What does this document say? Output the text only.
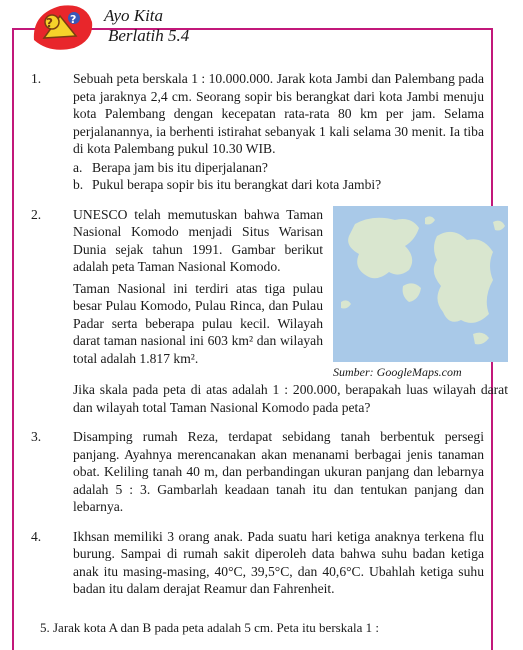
? ? Ayo Kita
Berlatih 5.4
1.	Sebuah peta berskala 1 : 10.000.000. Jarak kota Jambi dan Palembang pada peta jaraknya 2,4 cm. Seorang sopir bis berangkat dari kota Jambi menuju kota Palembang dengan kecepatan rata-rata 80 km per jam. Selama perjalanannya, ia berhenti istirahat sebanyak 1 kali selama 30 menit. Ia tiba di kota Palembang pukul 10.30 WIB.

a. Berapa jam bis itu diperjalanan?
b. Pukul berapa sopir bis itu berangkat dari kota Jambi?
2.	UNESCO telah memutuskan bahwa Taman Nasional Komodo menjadi Situs Warisan Dunia sejak tahun 1991. Gambar berikut adalah peta Taman Nasional Komodo.

Taman Nasional ini terdiri atas tiga pulau besar Pulau Komodo, Pulau Rinca, dan Pulau Padar serta beberapa pulau kecil. Wilayah darat taman nasional ini 603 km² dan wilayah total adalah 1.817 km².

Sumber: GoogleMaps.com

Jika skala pada peta di atas adalah 1 : 200.000, berapakah luas wilayah darat dan wilayah total Taman Nasional Komodo pada peta?

3.	Disamping rumah Reza, terdapat sebidang tanah berbentuk persegi panjang. Ayahnya merencanakan akan menanami berbagai jenis tanaman obat. Keliling tanah 40 m, dan perbandingan ukuran panjang dan lebarnya adalah 5 : 3. Gambarlah keadaan tanah itu dan tentukan panjang dan lebarnya.

4.	Ikhsan memiliki 3 orang anak. Pada suatu hari ketiga anaknya terkena flu burung. Sampai di rumah sakit diperoleh data bahwa suhu badan ketiga anak itu masing-masing, 40°C, 39,5°C, dan 40,6°C. Ubahlah ketiga suhu badan itu dalam derajat Reamur dan Fahrenheit.

5. Jarak kota A dan B pada peta adalah 5 cm. Peta itu berskala 1 :
